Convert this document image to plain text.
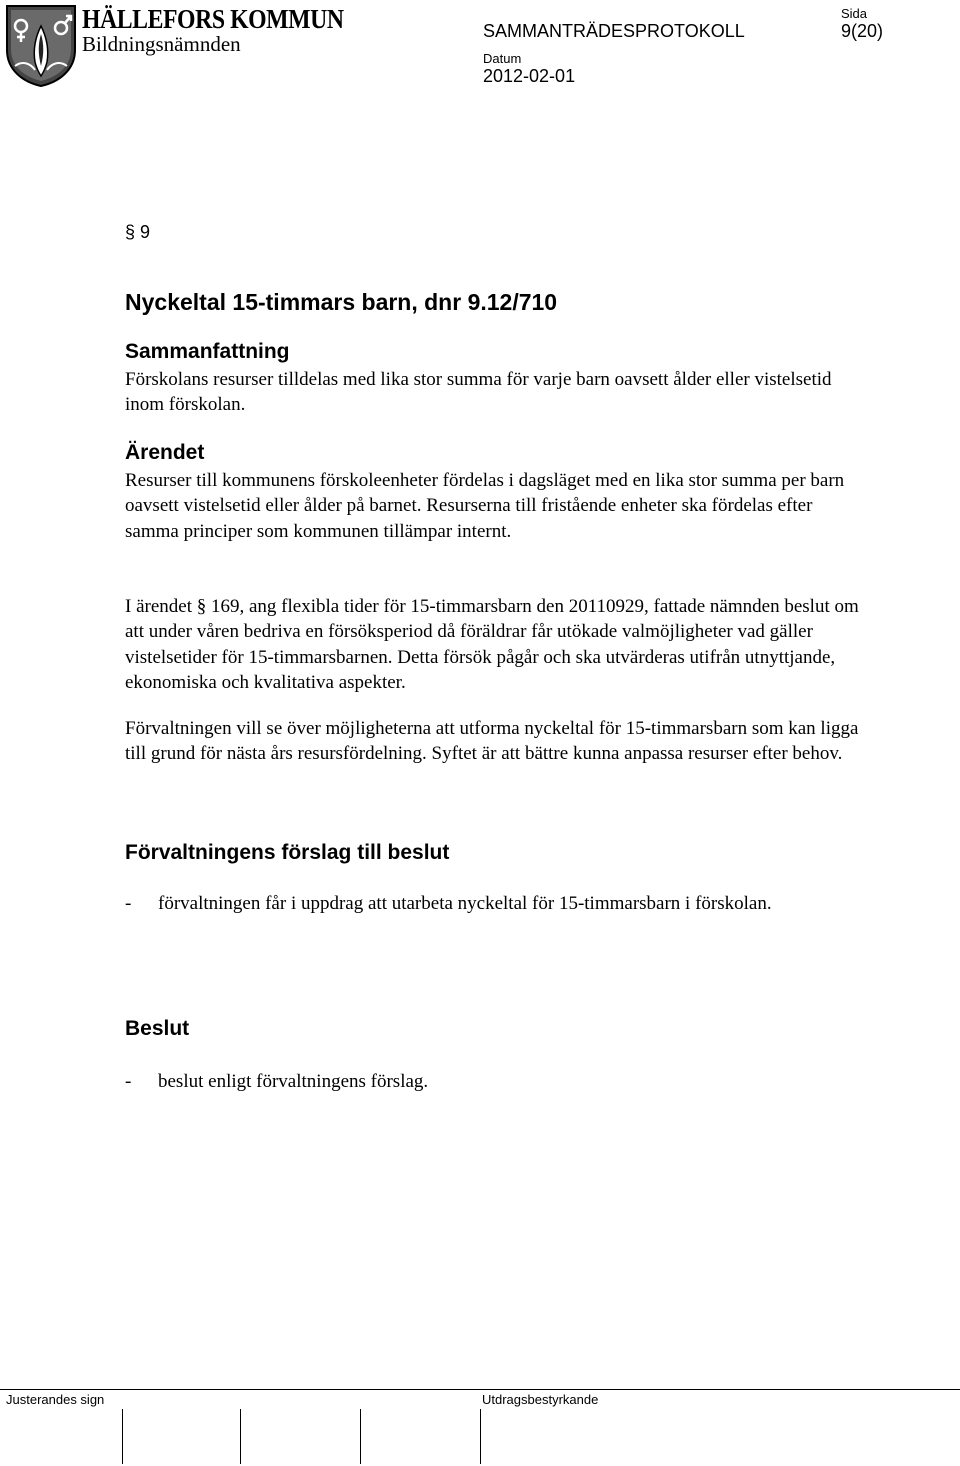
HÄLLEFORS KOMMUN
Bildningsnämnden
SAMMANTRÄDESPROTOKOLL
Sida
9(20)
Datum
2012-02-01
§ 9
Nyckeltal 15-timmars barn, dnr 9.12/710
Sammanfattning
Förskolans resurser tilldelas med lika stor summa för varje barn oavsett ålder eller vistelsetid inom förskolan.
Ärendet
Resurser till kommunens förskoleenheter fördelas i dagsläget med en lika stor summa per barn oavsett vistelsetid eller ålder på barnet. Resurserna till fristående enheter ska fördelas efter samma principer som kommunen tillämpar internt.
I ärendet § 169, ang flexibla tider för 15-timmarsbarn den 20110929, fattade nämnden beslut om att under våren bedriva en försöksperiod då föräldrar får utökade valmöjligheter vad gäller vistelsetider för 15-timmarsbarnen. Detta försök pågår och ska utvärderas utifrån utnyttjande, ekonomiska och kvalitativa aspekter.
Förvaltningen vill se över möjligheterna att utforma nyckeltal för 15-timmarsbarn som kan ligga till grund för nästa års resursfördelning. Syftet är att bättre kunna anpassa resurser efter behov.
Förvaltningens förslag till beslut
- förvaltningen får i uppdrag att utarbeta nyckeltal för 15-timmarsbarn i förskolan.
Beslut
- beslut enligt förvaltningens förslag.
Justerandes sign	Utdragsbestyrkande
